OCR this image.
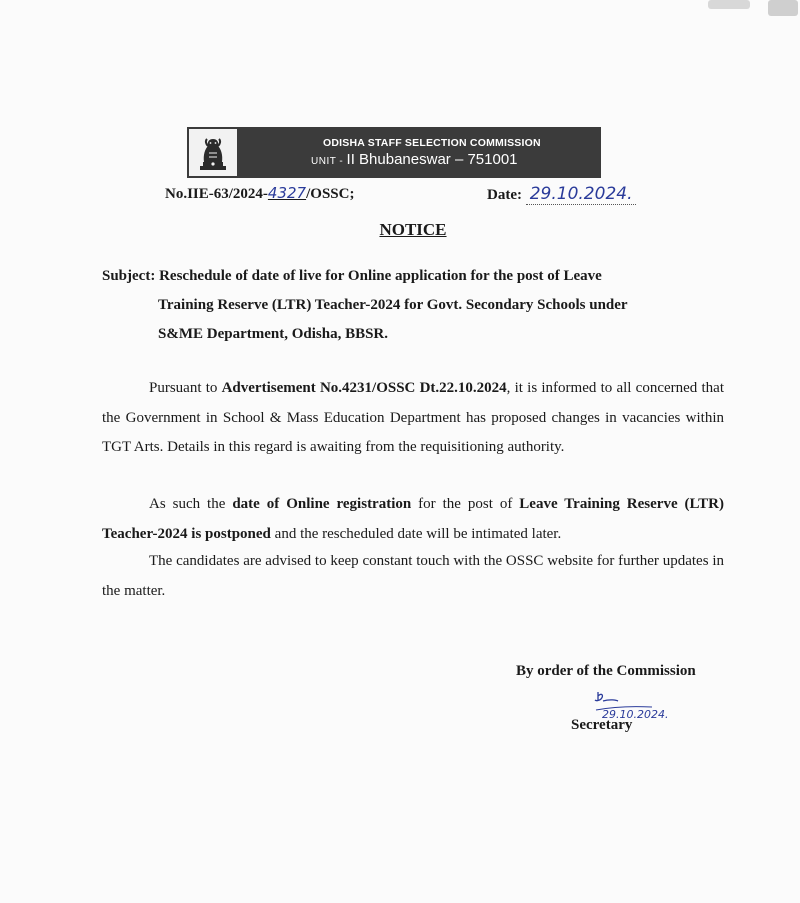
ODISHA STAFF SELECTION COMMISSION
UNIT - II Bhubaneswar – 751001
No.IIE-63/2024-4327/OSSC;	Date: 29.10.2024.
NOTICE
Subject: Reschedule of date of live for Online application for the post of Leave
Training Reserve (LTR) Teacher-2024 for Govt. Secondary Schools under
S&ME Department, Odisha, BBSR.
Pursuant to Advertisement No.4231/OSSC Dt.22.10.2024, it is informed to all concerned that the Government in School & Mass Education Department has proposed changes in vacancies within TGT Arts. Details in this regard is awaiting from the requisitioning authority.
As such the date of Online registration for the post of Leave Training Reserve (LTR) Teacher-2024 is postponed and the rescheduled date will be intimated later.
The candidates are advised to keep constant touch with the OSSC website for further updates in the matter.
By order of the Commission
29.10.2024.
Secretary
